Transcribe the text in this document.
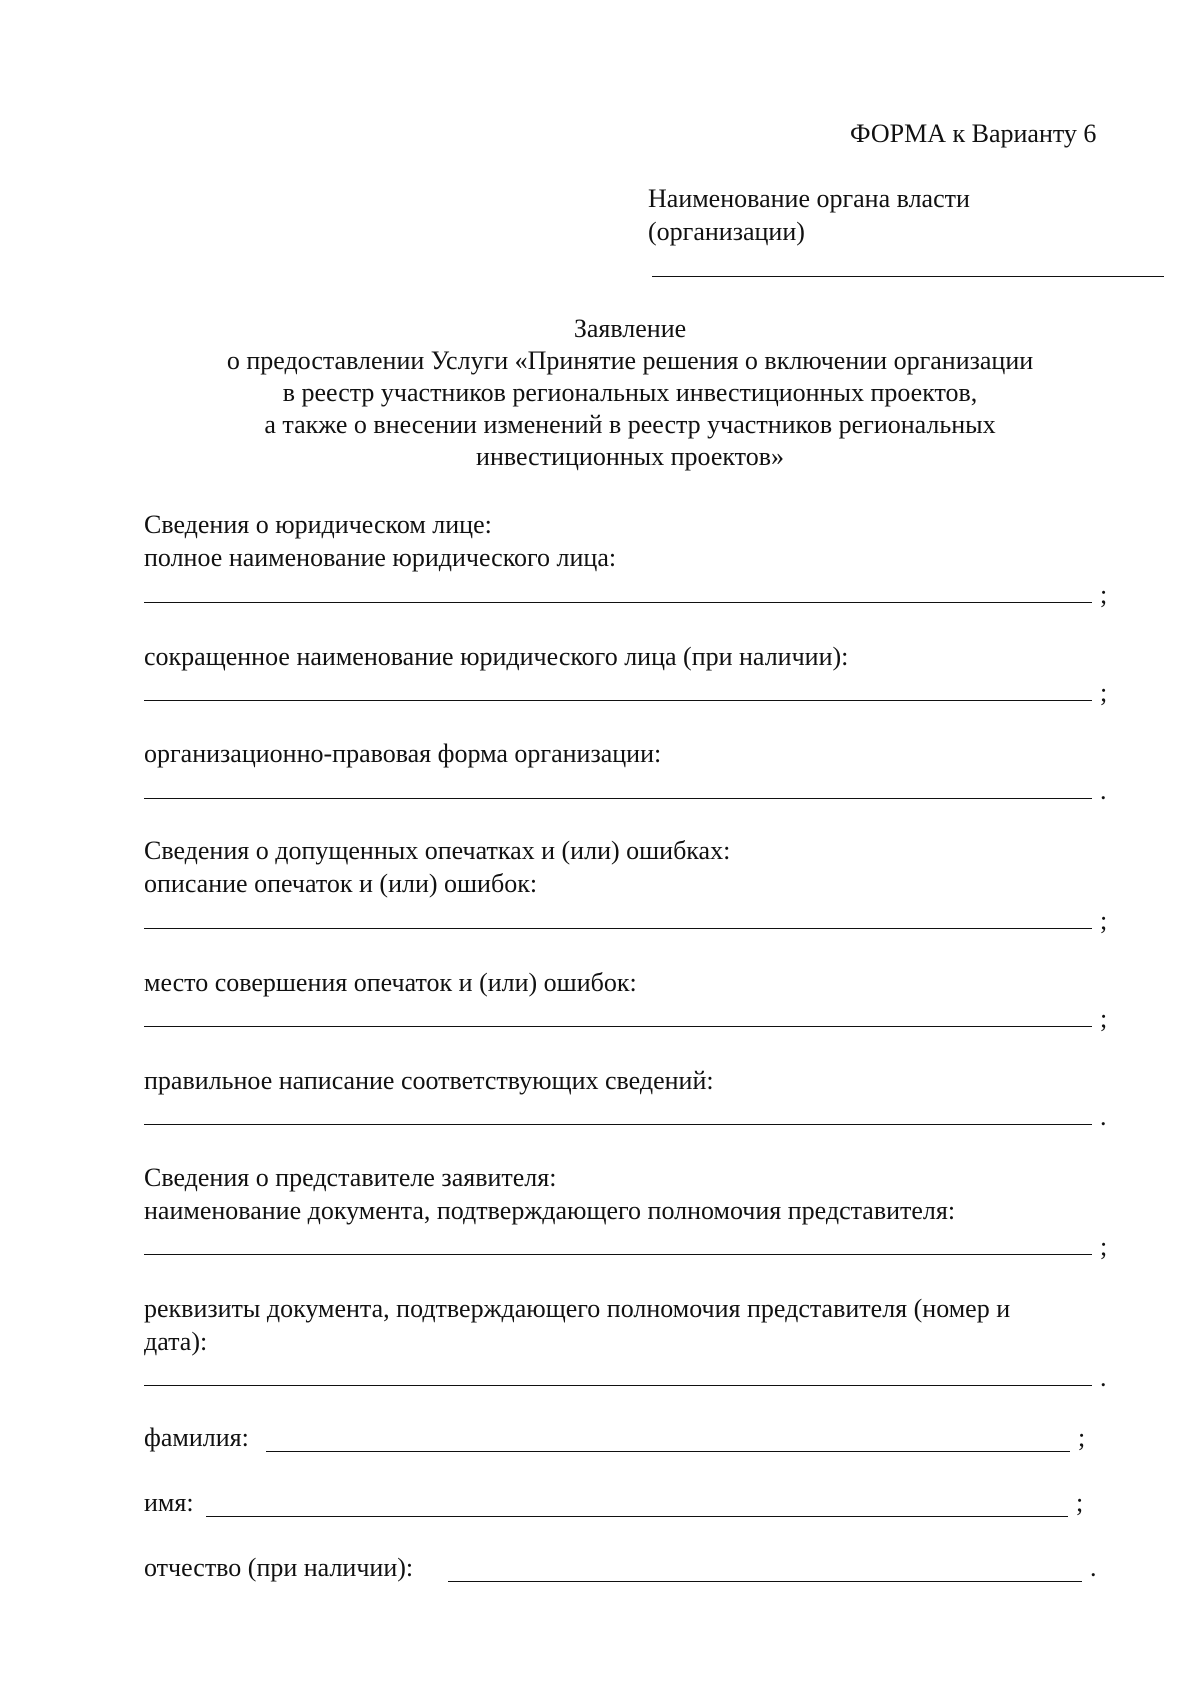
ФОРМА к Варианту 6
Наименование органа власти
(организации)
Заявление
о предоставлении Услуги «Принятие решения о включении организации
в реестр участников региональных инвестиционных проектов,
а также о внесении изменений в реестр участников региональных
инвестиционных проектов»
Сведения о юридическом лице:
полное наименование юридического лица:
;
сокращенное наименование юридического лица (при наличии):
;
организационно-правовая форма организации:
.
Сведения о допущенных опечатках и (или) ошибках:
описание опечаток и (или) ошибок:
;
место совершения опечаток и (или) ошибок:
;
правильное написание соответствующих сведений:
.
Сведения о представителе заявителя:
наименование документа, подтверждающего полномочия представителя:
;
реквизиты документа, подтверждающего полномочия представителя (номер и
дата):
.
фамилия:	;
имя:	;
отчество (при наличии):	.
